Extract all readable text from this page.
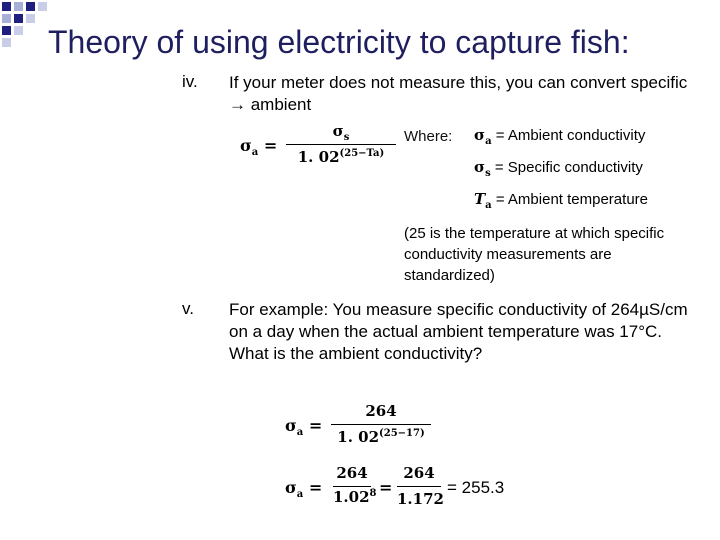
Theory of using electricity to capture fish:
iv. If your meter does not measure this, you can convert specific → ambient
$\sigma_a$ =
$\sigma_s$
1. $02^{(25-Ta)}$
Where: $\sigma_a$ = Ambient conductivity
$\sigma_s$ = Specific conductivity
$T_a$ = Ambient temperature
(25 is the temperature at which specific conductivity measurements are standardized)
v. For example: You measure specific conductivity of 264µS/cm on a day when the actual ambient temperature was 17°C. What is the ambient conductivity?
$\sigma_a$ =
264
1. $02^{(25-17)}$
$\sigma_a$ =
264
$1.02^8$ =
264
1.172
= 255.3
